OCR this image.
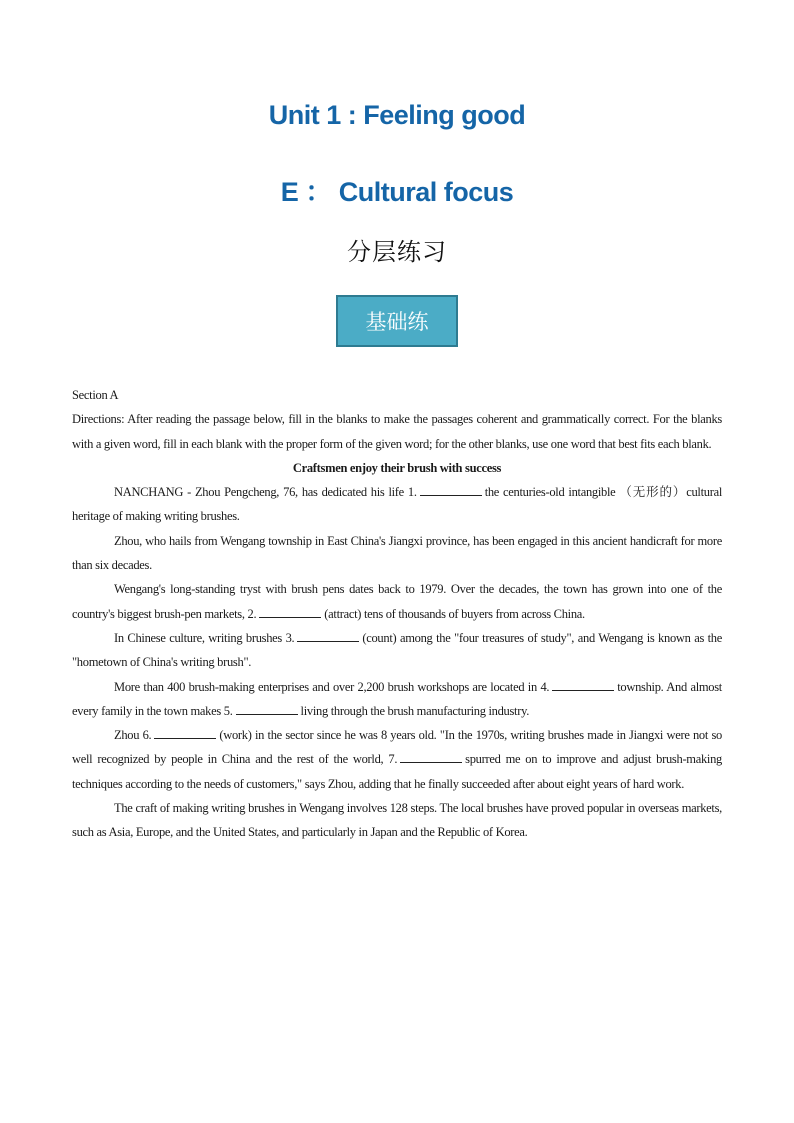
Unit 1 : Feeling good
E ： Cultural focus
分层练习
基础练

Section A

Directions: After reading the passage below, fill in the blanks to make the passages coherent and grammatically correct. For the blanks with a given word, fill in each blank with the proper form of the given word; for the other blanks, use one word that best fits each blank.

Craftsmen enjoy their brush with success

NANCHANG - Zhou Pengcheng, 76, has dedicated his life 1.	the centuries-old intangible （无形的）cultural heritage of making writing brushes.

Zhou, who hails from Wengang township in East China's Jiangxi province, has been engaged in this ancient handicraft for more than six decades.

Wengang's long-standing tryst with brush pens dates back to 1979. Over the decades, the town has grown into one of the country's biggest brush-pen markets, 2.	(attract) tens of thousands of buyers from across China.

In Chinese culture, writing brushes 3.	(count) among the "four treasures of study", and Wengang is known as the "hometown of China's writing brush".

More than 400 brush-making enterprises and over 2,200 brush workshops are located in 4.	township. And almost every family in the town makes 5.	living through the brush manufacturing industry.

Zhou 6.	(work) in the sector since he was 8 years old. "In the 1970s, writing brushes made in Jiangxi were not so well recognized by people in China and the rest of the world, 7.	spurred me on to improve and adjust brush-making techniques according to the needs of customers," says Zhou, adding that he finally succeeded after about eight years of hard work.

The craft of making writing brushes in Wengang involves 128 steps. The local brushes have proved popular in overseas markets, such as Asia, Europe, and the United States, and particularly in Japan and the Republic of Korea.
